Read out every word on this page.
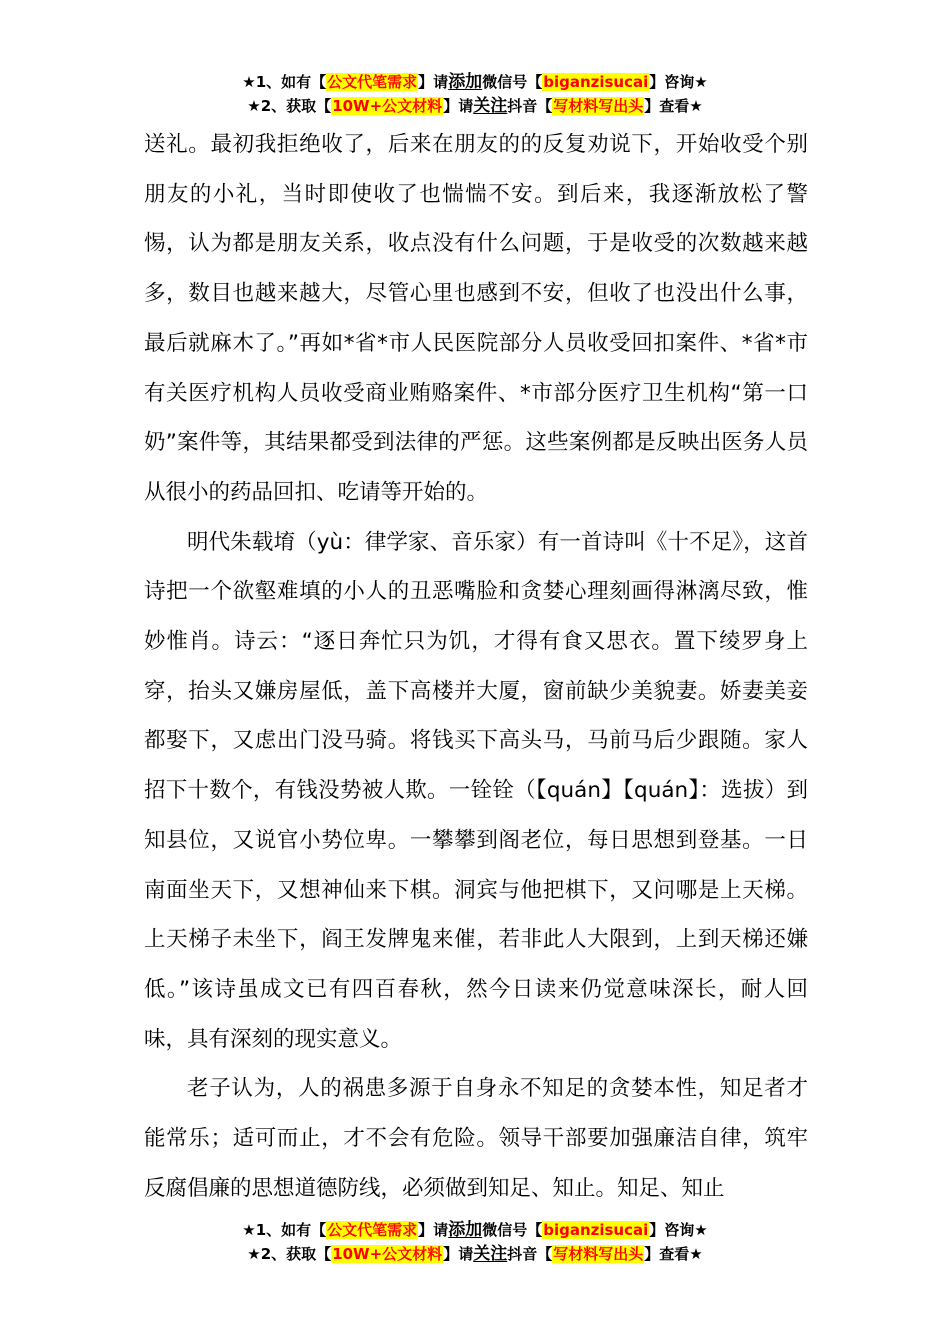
★1、如有【公文代笔需求】请添加微信号【biganzisucai】咨询★
★2、获取【10W+公文材料】请关注抖音【写材料写出头】查看★

送礼。最初我拒绝收了，后来在朋友的的反复劝说下，开始收受个别朋友的小礼，当时即使收了也惴惴不安。到后来，我逐渐放松了警惕，认为都是朋友关系，收点没有什么问题，于是收受的次数越来越多，数目也越来越大，尽管心里也感到不安，但收了也没出什么事，最后就麻木了。”再如*省*市人民医院部分人员收受回扣案件、*省*市有关医疗机构人员收受商业贿赂案件、*市部分医疗卫生机构“第一口奶”案件等，其结果都受到法律的严惩。这些案例都是反映出医务人员从很小的药品回扣、吃请等开始的。

明代朱载堉（yù：律学家、音乐家）有一首诗叫《十不足》，这首诗把一个欲壑难填的小人的丑恶嘴脸和贪婪心理刻画得淋漓尽致，惟妙惟肖。诗云：“逐日奔忙只为饥，才得有食又思衣。置下绫罗身上穿，抬头又嫌房屋低，盖下高楼并大厦，窗前缺少美貌妻。娇妻美妾都娶下，又虑出门没马骑。将钱买下高头马，马前马后少跟随。家人招下十数个，有钱没势被人欺。一铨铨（【quán】【quán】：选拔）到知县位，又说官小势位卑。一攀攀到阁老位，每日思想到登基。一日南面坐天下，又想神仙来下棋。洞宾与他把棋下，又问哪是上天梯。上天梯子未坐下，阎王发牌鬼来催，若非此人大限到，上到天梯还嫌低。”该诗虽成文已有四百春秋，然今日读来仍觉意味深长，耐人回味，具有深刻的现实意义。

老子认为，人的祸患多源于自身永不知足的贪婪本性，知足者才能常乐；适可而止，才不会有危险。领导干部要加强廉洁自律，筑牢反腐倡廉的思想道德防线，必须做到知足、知止。知足、知止

★1、如有【公文代笔需求】请添加微信号【biganzisucai】咨询★
★2、获取【10W+公文材料】请关注抖音【写材料写出头】查看★
